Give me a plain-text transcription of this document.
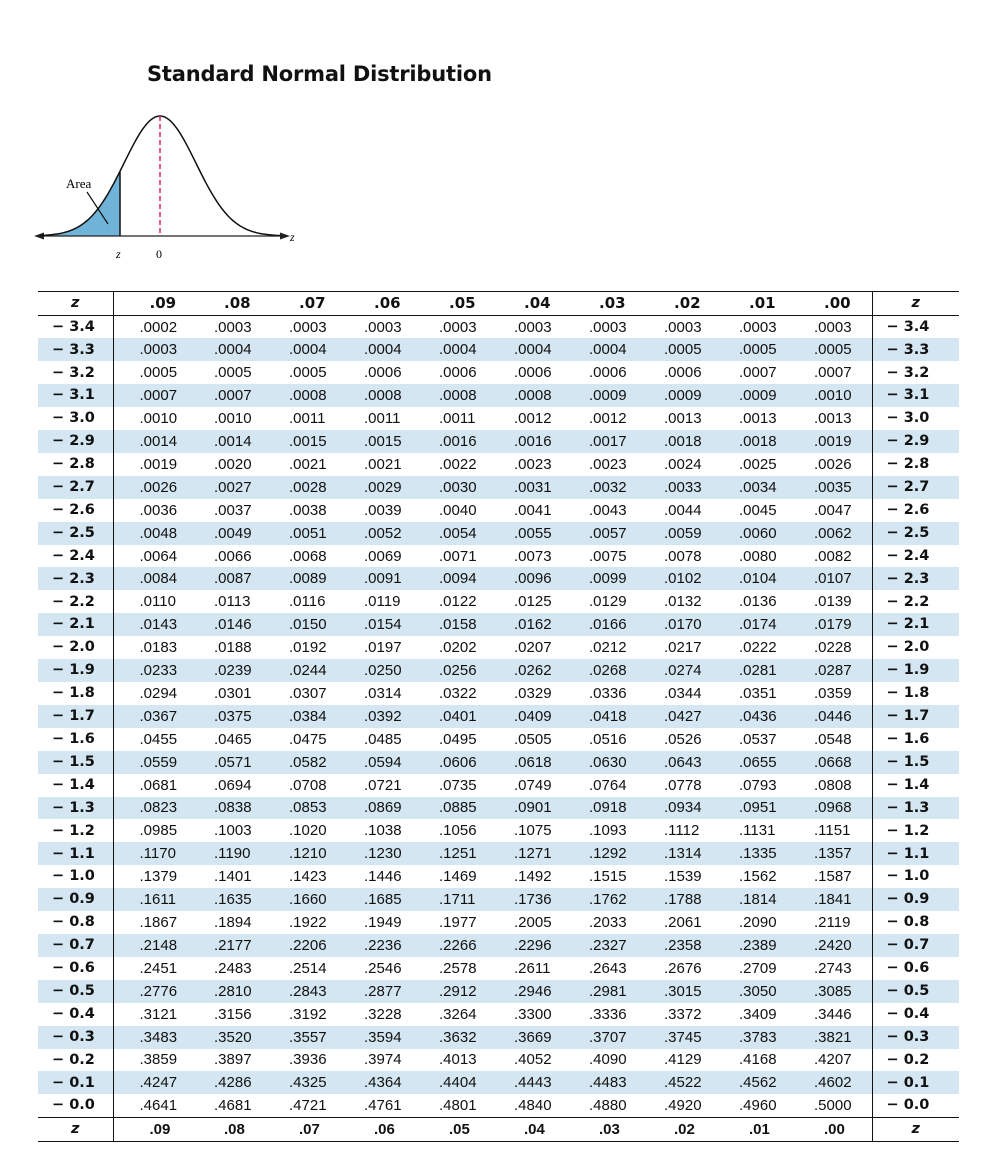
Standard Normal Distribution
Area
z	0
z
z	.09	.08	.07	.06	.05	.04	.03	.02	.01	.00	z
− 3.4	.0002	.0003	.0003	.0003	.0003	.0003	.0003	.0003	.0003	.0003	− 3.4
− 3.3	.0003	.0004	.0004	.0004	.0004	.0004	.0004	.0005	.0005	.0005	− 3.3
− 3.2	.0005	.0005	.0005	.0006	.0006	.0006	.0006	.0006	.0007	.0007	− 3.2
− 3.1	.0007	.0007	.0008	.0008	.0008	.0008	.0009	.0009	.0009	.0010	− 3.1
− 3.0	.0010	.0010	.0011	.0011	.0011	.0012	.0012	.0013	.0013	.0013	− 3.0
− 2.9	.0014	.0014	.0015	.0015	.0016	.0016	.0017	.0018	.0018	.0019	− 2.9
− 2.8	.0019	.0020	.0021	.0021	.0022	.0023	.0023	.0024	.0025	.0026	− 2.8
− 2.7	.0026	.0027	.0028	.0029	.0030	.0031	.0032	.0033	.0034	.0035	− 2.7
− 2.6	.0036	.0037	.0038	.0039	.0040	.0041	.0043	.0044	.0045	.0047	− 2.6
− 2.5	.0048	.0049	.0051	.0052	.0054	.0055	.0057	.0059	.0060	.0062	− 2.5
− 2.4	.0064	.0066	.0068	.0069	.0071	.0073	.0075	.0078	.0080	.0082	− 2.4
− 2.3	.0084	.0087	.0089	.0091	.0094	.0096	.0099	.0102	.0104	.0107	− 2.3
− 2.2	.0110	.0113	.0116	.0119	.0122	.0125	.0129	.0132	.0136	.0139	− 2.2
− 2.1	.0143	.0146	.0150	.0154	.0158	.0162	.0166	.0170	.0174	.0179	− 2.1
− 2.0	.0183	.0188	.0192	.0197	.0202	.0207	.0212	.0217	.0222	.0228	− 2.0
− 1.9	.0233	.0239	.0244	.0250	.0256	.0262	.0268	.0274	.0281	.0287	− 1.9
− 1.8	.0294	.0301	.0307	.0314	.0322	.0329	.0336	.0344	.0351	.0359	− 1.8
− 1.7	.0367	.0375	.0384	.0392	.0401	.0409	.0418	.0427	.0436	.0446	− 1.7
− 1.6	.0455	.0465	.0475	.0485	.0495	.0505	.0516	.0526	.0537	.0548	− 1.6
− 1.5	.0559	.0571	.0582	.0594	.0606	.0618	.0630	.0643	.0655	.0668	− 1.5
− 1.4	.0681	.0694	.0708	.0721	.0735	.0749	.0764	.0778	.0793	.0808	− 1.4
− 1.3	.0823	.0838	.0853	.0869	.0885	.0901	.0918	.0934	.0951	.0968	− 1.3
− 1.2	.0985	.1003	.1020	.1038	.1056	.1075	.1093	.1112	.1131	.1151	− 1.2
− 1.1	.1170	.1190	.1210	.1230	.1251	.1271	.1292	.1314	.1335	.1357	− 1.1
− 1.0	.1379	.1401	.1423	.1446	.1469	.1492	.1515	.1539	.1562	.1587	− 1.0
− 0.9	.1611	.1635	.1660	.1685	.1711	.1736	.1762	.1788	.1814	.1841	− 0.9
− 0.8	.1867	.1894	.1922	.1949	.1977	.2005	.2033	.2061	.2090	.2119	− 0.8
− 0.7	.2148	.2177	.2206	.2236	.2266	.2296	.2327	.2358	.2389	.2420	− 0.7
− 0.6	.2451	.2483	.2514	.2546	.2578	.2611	.2643	.2676	.2709	.2743	− 0.6
− 0.5	.2776	.2810	.2843	.2877	.2912	.2946	.2981	.3015	.3050	.3085	− 0.5
− 0.4	.3121	.3156	.3192	.3228	.3264	.3300	.3336	.3372	.3409	.3446	− 0.4
− 0.3	.3483	.3520	.3557	.3594	.3632	.3669	.3707	.3745	.3783	.3821	− 0.3
− 0.2	.3859	.3897	.3936	.3974	.4013	.4052	.4090	.4129	.4168	.4207	− 0.2
− 0.1	.4247	.4286	.4325	.4364	.4404	.4443	.4483	.4522	.4562	.4602	− 0.1
− 0.0	.4641	.4681	.4721	.4761	.4801	.4840	.4880	.4920	.4960	.5000	− 0.0
z	.09	.08	.07	.06	.05	.04	.03	.02	.01	.00	z
